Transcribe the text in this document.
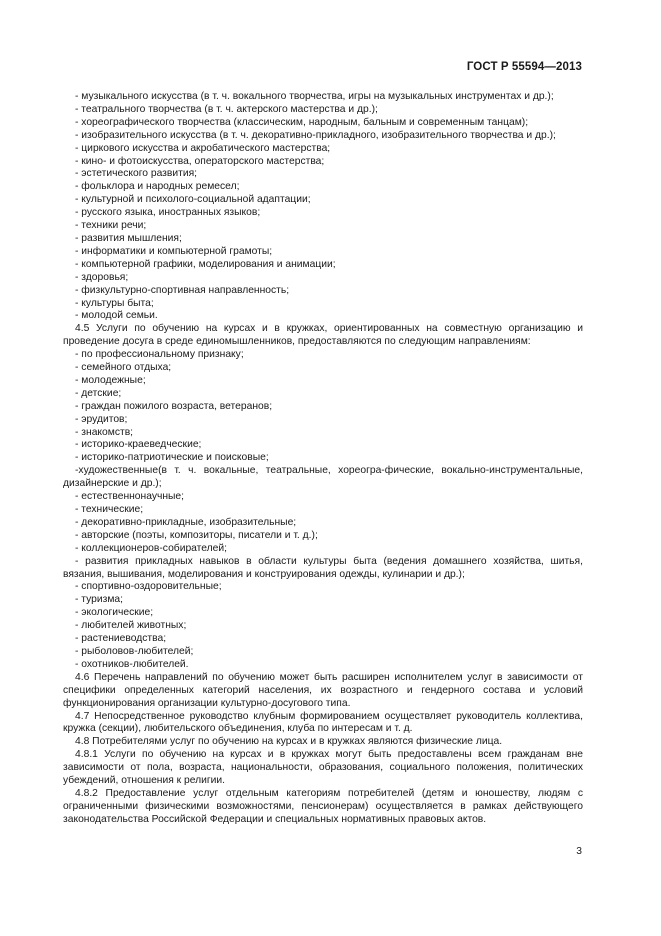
ГОСТ Р 55594—2013
- музыкального искусства (в т. ч. вокального творчества, игры на музыкальных инструментах и др.);
- театрального творчества (в т. ч. актерского мастерства и др.);
- хореографического творчества (классическим, народным, бальным и современным танцам);
- изобразительного искусства (в т. ч. декоративно-прикладного, изобразительного творчества и др.);
- циркового искусства и акробатического мастерства;
- кино- и фотоискусства, операторского мастерства;
- эстетического развития;
- фольклора и народных ремесел;
- культурной и психолого-социальной адаптации;
- русского языка, иностранных языков;
- техники речи;
- развития мышления;
- информатики и компьютерной грамоты;
- компьютерной графики, моделирования и анимации;
- здоровья;
- физкультурно-спортивная направленность;
- культуры быта;
- молодой семьи.
4.5 Услуги по обучению на курсах и в кружках, ориентированных на совместную организацию и проведение досуга в среде единомышленников, предоставляются по следующим направлениям:
- по профессиональному признаку;
- семейного отдыха;
- молодежные;
- детские;
- граждан пожилого возраста, ветеранов;
- эрудитов;
- знакомств;
- историко-краеведческие;
- историко-патриотические и поисковые;
-художественные(в т. ч. вокальные, театральные, хореогра-фические, вокально-инструментальные,
дизайнерские и др.);
- естественнонаучные;
- технические;
- декоративно-прикладные, изобразительные;
- авторские (поэты, композиторы, писатели и т. д.);
- коллекционеров-собирателей;
- развития прикладных навыков в области культуры быта (ведения домашнего хозяйства, шитья,
вязания, вышивания, моделирования и конструирования одежды, кулинарии и др.);
- спортивно-оздоровительные;
- туризма;
- экологические;
- любителей животных;
- растениеводства;
- рыболовов-любителей;
- охотников-любителей.
4.6 Перечень направлений по обучению может быть расширен исполнителем услуг в зависимости от специфики определенных категорий населения, их возрастного и гендерного состава и условий функционирования организации культурно-досугового типа.
4.7 Непосредственное руководство клубным формированием осуществляет руководитель коллектива, кружка (секции), любительского объединения, клуба по интересам и т. д.
4.8 Потребителями услуг по обучению на курсах и в кружках являются физические лица.
4.8.1 Услуги по обучению на курсах и в кружках могут быть предоставлены всем гражданам вне зависимости от пола, возраста, национальности, образования, социального положения, политических убеждений, отношения к религии.
4.8.2 Предоставление услуг отдельным категориям потребителей (детям и юношеству, людям с ограниченными физическими возможностями, пенсионерам) осуществляется в рамках действующего законодательства Российской Федерации и специальных нормативных правовых актов.
3
